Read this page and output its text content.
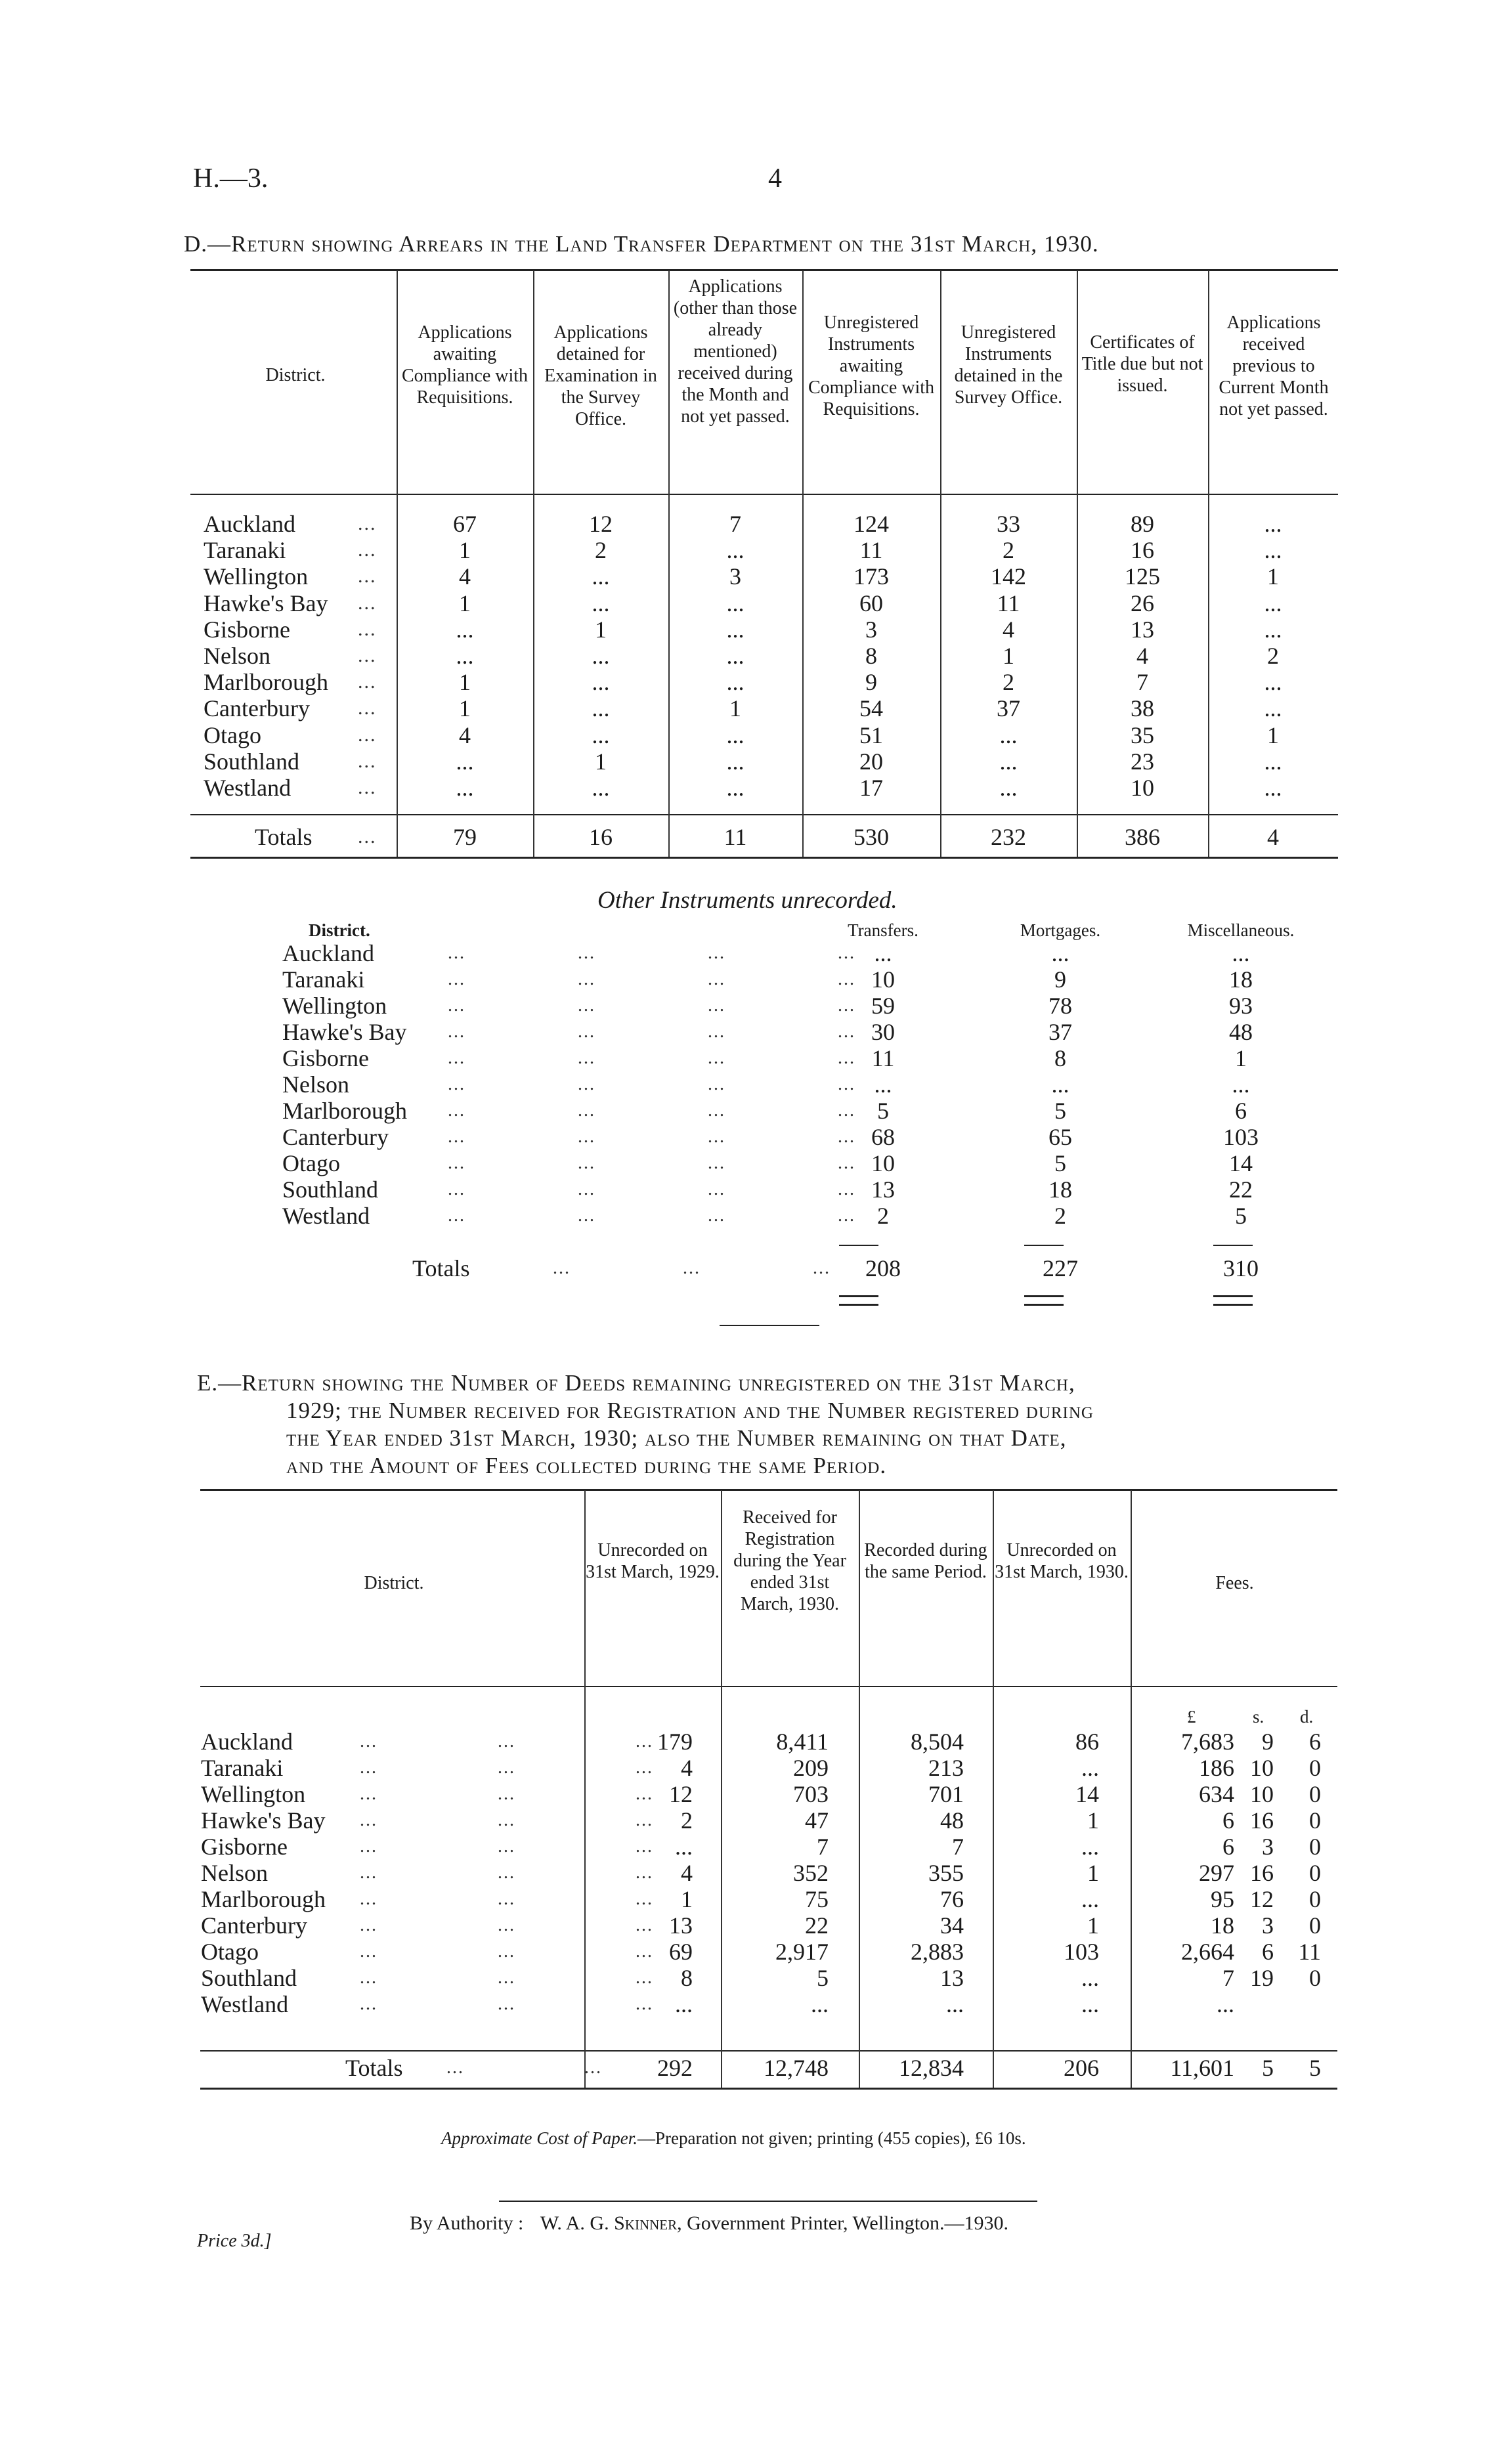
H.—3.	4
D.—Return showing Arrears in the Land Transfer Department on the 31st March, 1930.
District.
Applications awaiting Compliance with Requisitions.
Applications detained for Examination in the Survey Office.
Applications (other than those already mentioned) received during the Month and not yet passed.
Unregistered Instruments awaiting Compliance with Requisitions.
Unregistered Instruments detained in the Survey Office.
Certificates of Title due but not issued.
Applications received previous to Current Month not yet passed.
Auckland	...	67	12	7	124	33	89	...
Taranaki	...	1	2	...	11	2	16	...
Wellington	...	4	...	3	173	142	125	1
Hawke's Bay ...	1	...	...	60	11	26	...
Gisborne	...	...	1	...	3	4	13	...
Nelson	...	...	...	...	8	1	4	2
Marlborough ...	1	...	...	9	2	7	...
Canterbury ...	1	...	1	54	37	38	...
Otago	...	4	...	...	51	...	35	1
Southland	...	...	1	...	20	...	23	...
Westland	...	...	...	...	17	...	10	...
Totals ...	79	16	11	530	232	386	4
Other Instruments unrecorded.
District.	Transfers.	Mortgages.	Miscellaneous.
Auckland	...   ...   ...   ... ...	...	...
Taranaki	...   ...   ...   ... 10	9	18
Wellington	...   ...   ...   ... 59	78	93
Hawke's Bay ...   ...   ...   ... 30	37	48
Gisborne	...   ...   ...   ... 11	8	1
Nelson	...   ...   ...   ... ...	...	...
Marlborough ...   ...   ...   ... 5	5	6
Canterbury	...   ...   ...   ... 68	65	103
Otago	...   ...   ...   ... 10	5	14
Southland	...   ...   ...   ... 13	18	22
Westland	...   ...   ...   ... 2	2	5
Totals	...   ...   ...	208	227	310
E.—Return showing the Number of Deeds remaining unregistered on the 31st March,
1929; the Number received for Registration and the Number registered during
the Year ended 31st March, 1930; also the Number remaining on that Date,
and the Amount of Fees collected during the same Period.
District.
Unrecorded on 31st March, 1929.
Received for Registration during the Year ended 31st March, 1930.
Recorded during the same Period.
Unrecorded on 31st March, 1930.
Fees.
£	s. d.
Auckland	...   ...   ... 179	8,411	8,504	86	7,683	9	6
Taranaki	...   ...   ...	4	209	213	...	186 10	0
Wellington	...   ...   ... 12	703	701	14	634 10	0
Hawke's Bay ...   ...   ...	2	47	48	1	6 16	0
Gisborne	...   ...   ... ...	7	7	...	6	3	0
Nelson	...   ...   ...	4	352	355	1	297 16	0
Marlborough ...   ...   ...	1	75	76	...	95 12	0
Canterbury	...   ...   ... 13	22	34	1	18	3	0
Otago	...   ...   ... 69	2,917	2,883	103	2,664	6	11
Southland	...   ...   ...	8	5	13	...	7 19	0
Westland	...   ...   ... ...	...	...	...	...
Totals ...   ...	292	12,748	12,834	206	11,601	5	5
Approximate Cost of Paper.—Preparation not given; printing (455 copies), £6 10s.
By Authority : W. A. G. Skinner, Government Printer, Wellington.—1930.
Price 3d.]
